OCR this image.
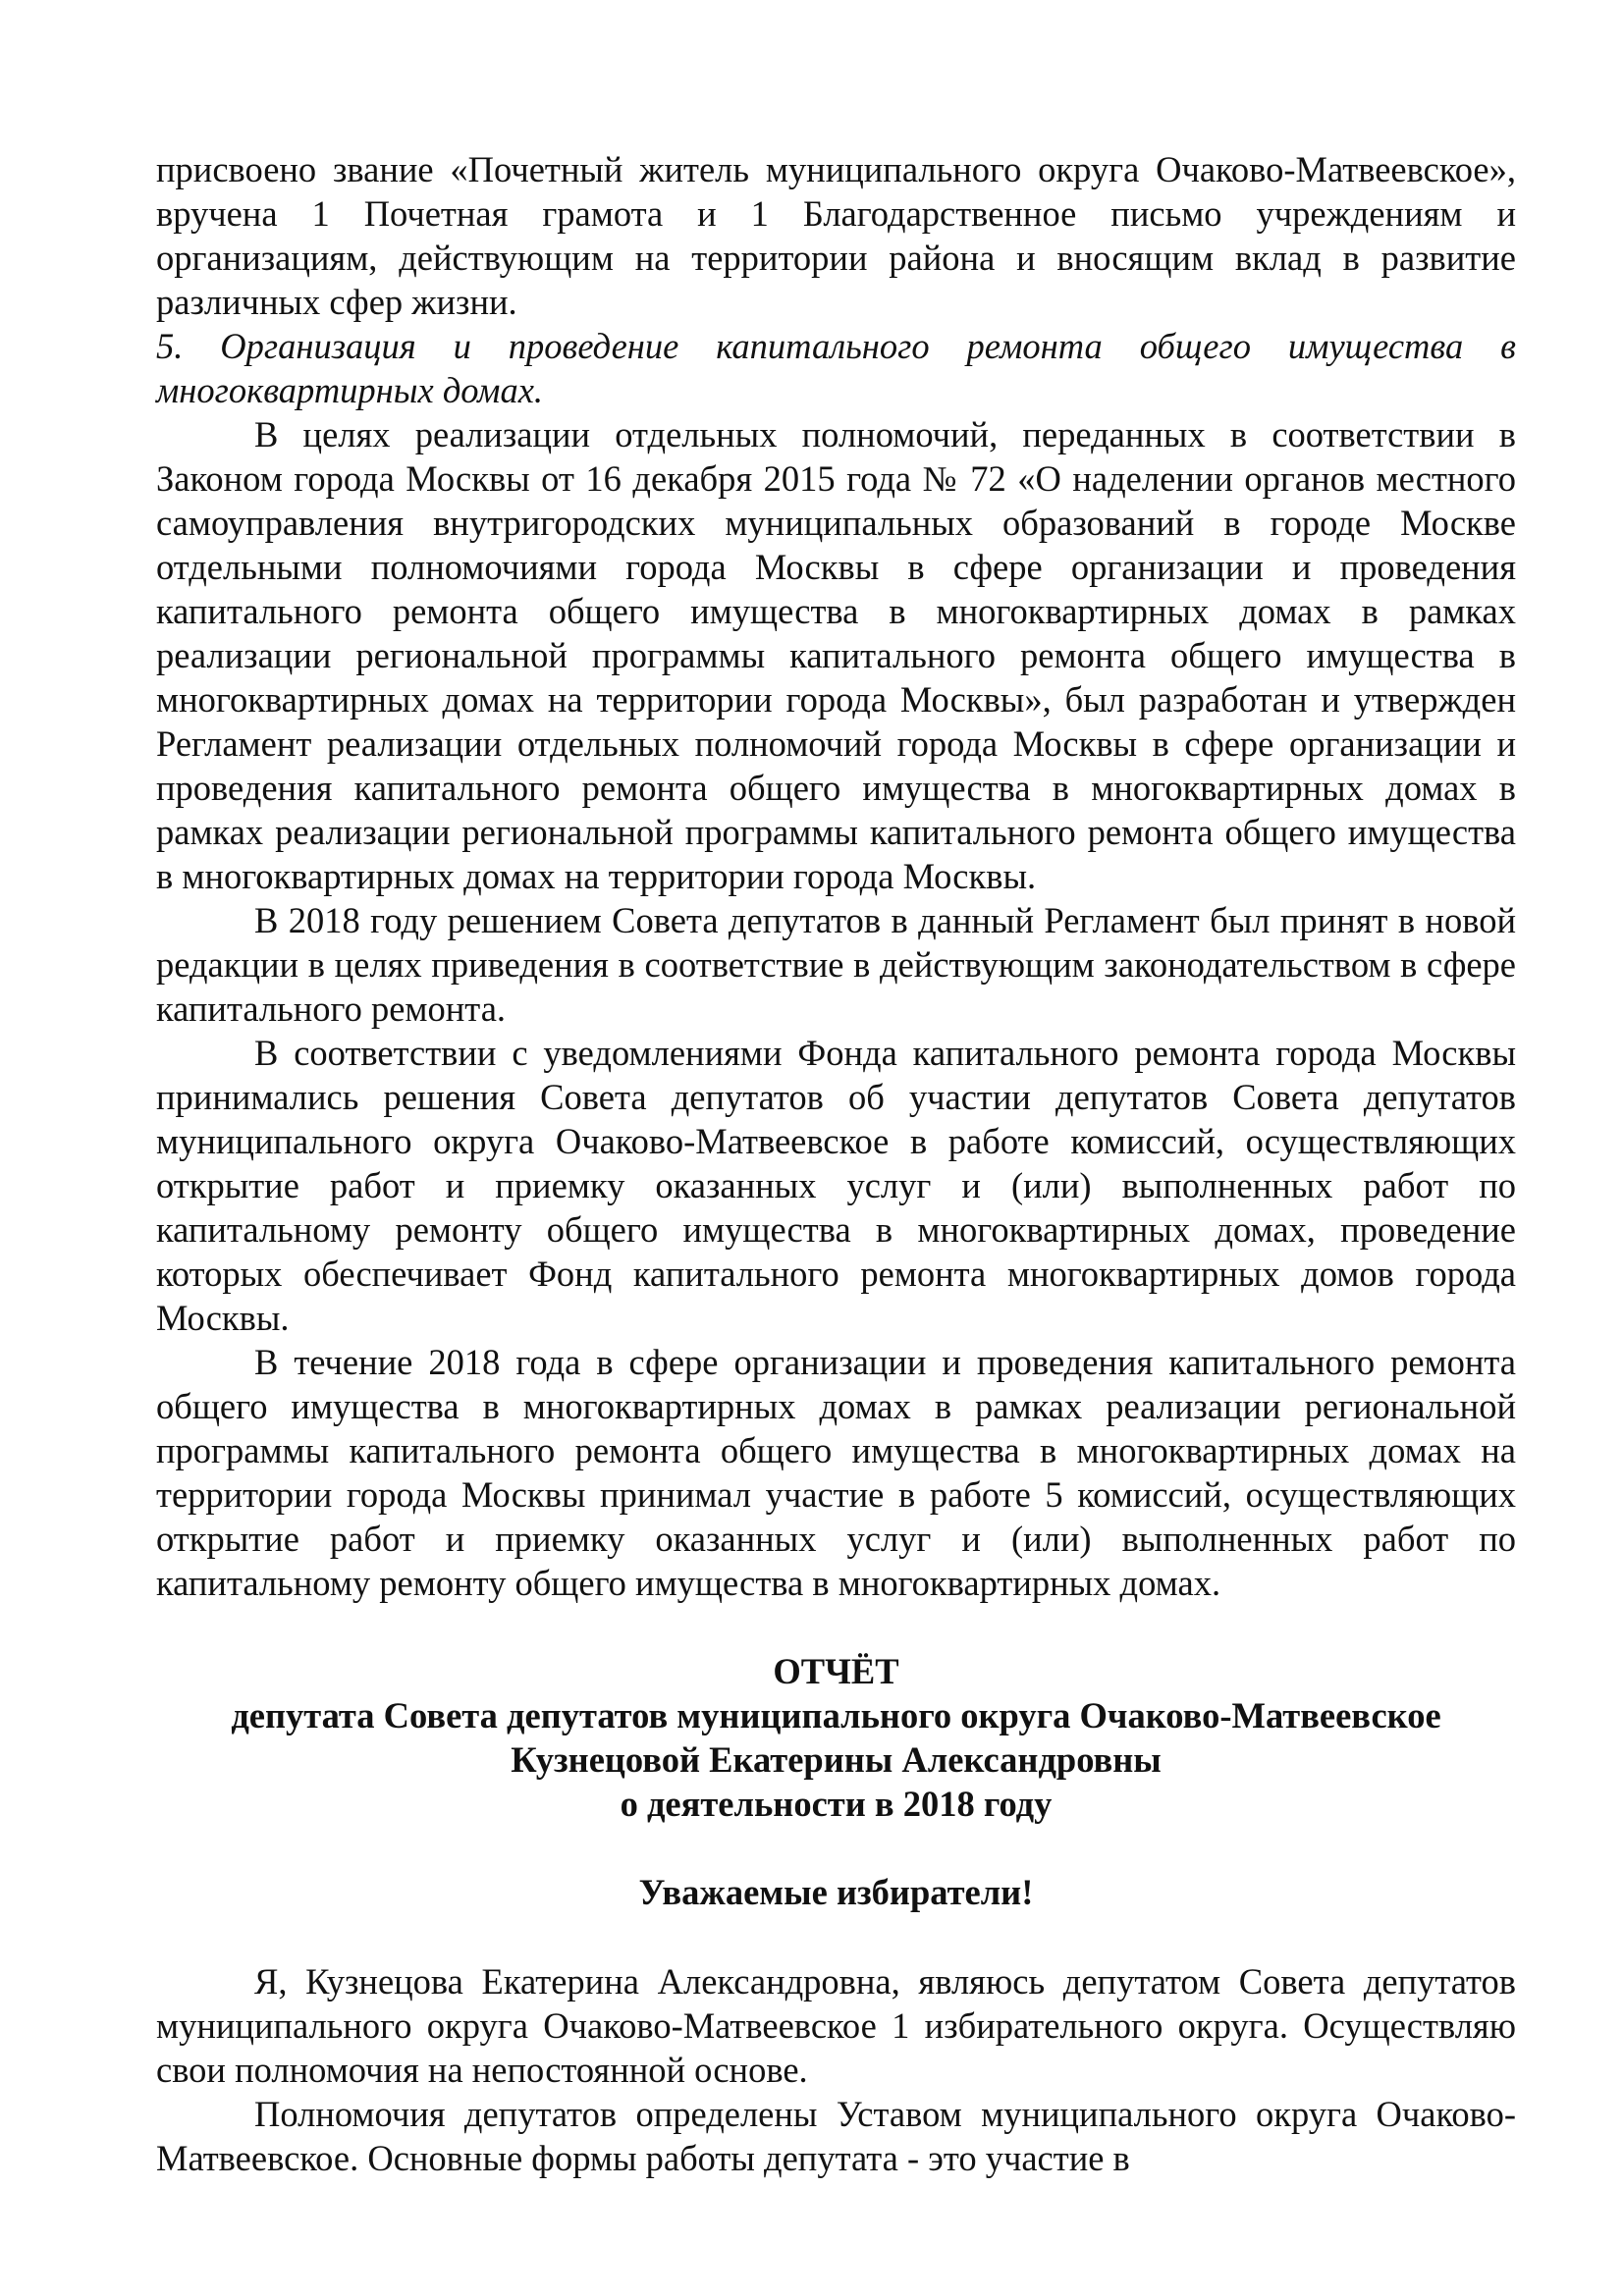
присвоено звание «Почетный житель муниципального округа Очаково-Матвеевское», вручена 1 Почетная грамота и 1 Благодарственное письмо учреждениям и организациям, действующим на территории района и вносящим вклад в развитие различных сфер жизни.

5. Организация и проведение капитального ремонта общего имущества в многоквартирных домах.

В целях реализации отдельных полномочий, переданных в соответствии в Законом города Москвы от 16 декабря 2015 года № 72 «О наделении органов местного самоуправления внутригородских муниципальных образований в городе Москве отдельными полномочиями города Москвы в сфере организации и проведения капитального ремонта общего имущества в многоквартирных домах в рамках реализации региональной программы капитального ремонта общего имущества в многоквартирных домах на территории города Москвы», был разработан и утвержден Регламент реализации отдельных полномочий города Москвы в сфере организации и проведения капитального ремонта общего имущества в многоквартирных домах в рамках реализации региональной программы капитального ремонта общего имущества в многоквартирных домах на территории города Москвы.

В 2018 году решением Совета депутатов в данный Регламент был принят в новой редакции в целях приведения в соответствие в действующим законодательством в сфере капитального ремонта.

В соответствии с уведомлениями Фонда капитального ремонта города Москвы принимались решения Совета депутатов об участии депутатов Совета депутатов муниципального округа Очаково-Матвеевское в работе комиссий, осуществляющих открытие работ и приемку оказанных услуг и (или) выполненных работ по капитальному ремонту общего имущества в многоквартирных домах, проведение которых обеспечивает Фонд капитального ремонта многоквартирных домов города Москвы.

В течение 2018 года в сфере организации и проведения капитального ремонта общего имущества в многоквартирных домах в рамках реализации региональной программы капитального ремонта общего имущества в многоквартирных домах на территории города Москвы принимал участие в работе 5 комиссий, осуществляющих открытие работ и приемку оказанных услуг и (или) выполненных работ по капитальному ремонту общего имущества в многоквартирных домах.

ОТЧЁТ
депутата Совета депутатов муниципального округа Очаково-Матвеевское
Кузнецовой Екатерины Александровны
о деятельности в 2018 году

Уважаемые избиратели!

Я, Кузнецова Екатерина Александровна, являюсь депутатом Совета депутатов муниципального округа Очаково-Матвеевское 1 избирательного округа. Осуществляю свои полномочия на непостоянной основе.

Полномочия депутатов определены Уставом муниципального округа Очаково-Матвеевское. Основные формы работы депутата - это участие в
